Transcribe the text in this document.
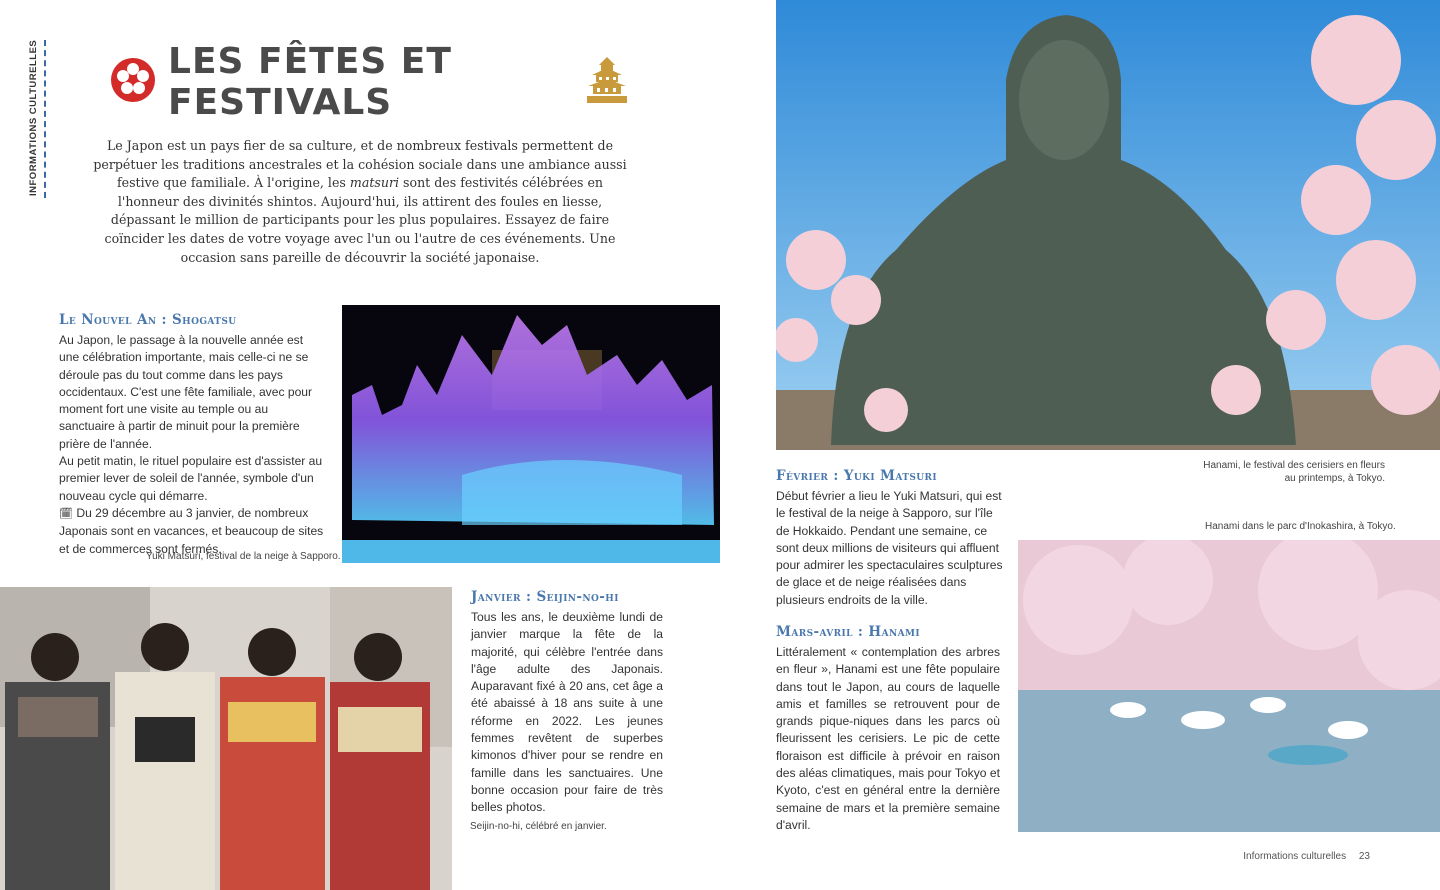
INFORMATIONS CULTURELLES	LES FÊTES ET FESTIVALS

Le Japon est un pays fier de sa culture, et de nombreux festivals permettent de perpétuer les traditions ancestrales et la cohésion sociale dans une ambiance aussi festive que familiale. À l'origine, les matsuri sont des festivités célébrées en l'honneur des divinités shintos. Aujourd'hui, ils attirent des foules en liesse, dépassant le million de participants pour les plus populaires. Essayez de faire coïncider les dates de votre voyage avec l'un ou l'autre de ces événements. Une occasion sans pareille de découvrir la société japonaise.

Le Nouvel An : Shogatsu

Au Japon, le passage à la nouvelle année est une célébration importante, mais celle-ci ne se déroule pas du tout comme dans les pays occidentaux. C'est une fête familiale, avec pour moment fort une visite au temple ou au sanctuaire à partir de minuit pour la première prière de l'année.

Au petit matin, le rituel populaire est d'assister au premier lever de soleil de l'année, symbole d'un nouveau cycle qui démarre.

🗓 Du 29 décembre au 3 janvier, de nombreux Japonais sont en vacances, et beaucoup de sites et de commerces sont fermés.

Yuki Matsuri, festival de la neige à Sapporo.
Seijin-no-hi, célébré en janvier.
Janvier : Seijin-no-hi

Tous les ans, le deuxième lundi de janvier marque la fête de la majorité, qui célèbre l'entrée dans l'âge adulte des Japonais. Auparavant fixé à 20 ans, cet âge a été abaissé à 18 ans suite à une réforme en 2022. Les jeunes femmes revêtent de superbes kimonos d'hiver pour se rendre en famille dans les sanctuaires. Une bonne occasion pour faire de très belles photos.

Hanami, le festival des cerisiers en fleurs au printemps, à Tokyo.
Février : Yuki Matsuri

Début février a lieu le Yuki Matsuri, qui est le festival de la neige à Sapporo, sur l'île de Hokkaido. Pendant une semaine, ce sont deux millions de visiteurs qui affluent pour admirer les spectaculaires sculptures de glace et de neige réalisées dans plusieurs endroits de la ville.

Hanami dans le parc d'Inokashira, à Tokyo.
Mars-avril : Hanami

Littéralement « contemplation des arbres en fleur », Hanami est une fête populaire dans tout le Japon, au cours de laquelle amis et familles se retrouvent pour de grands pique-niques dans les parcs où fleurissent les cerisiers. Le pic de cette floraison est difficile à prévoir en raison des aléas climatiques, mais pour Tokyo et Kyoto, c'est en général entre la dernière semaine de mars et la première semaine d'avril.

Informations culturelles 23
